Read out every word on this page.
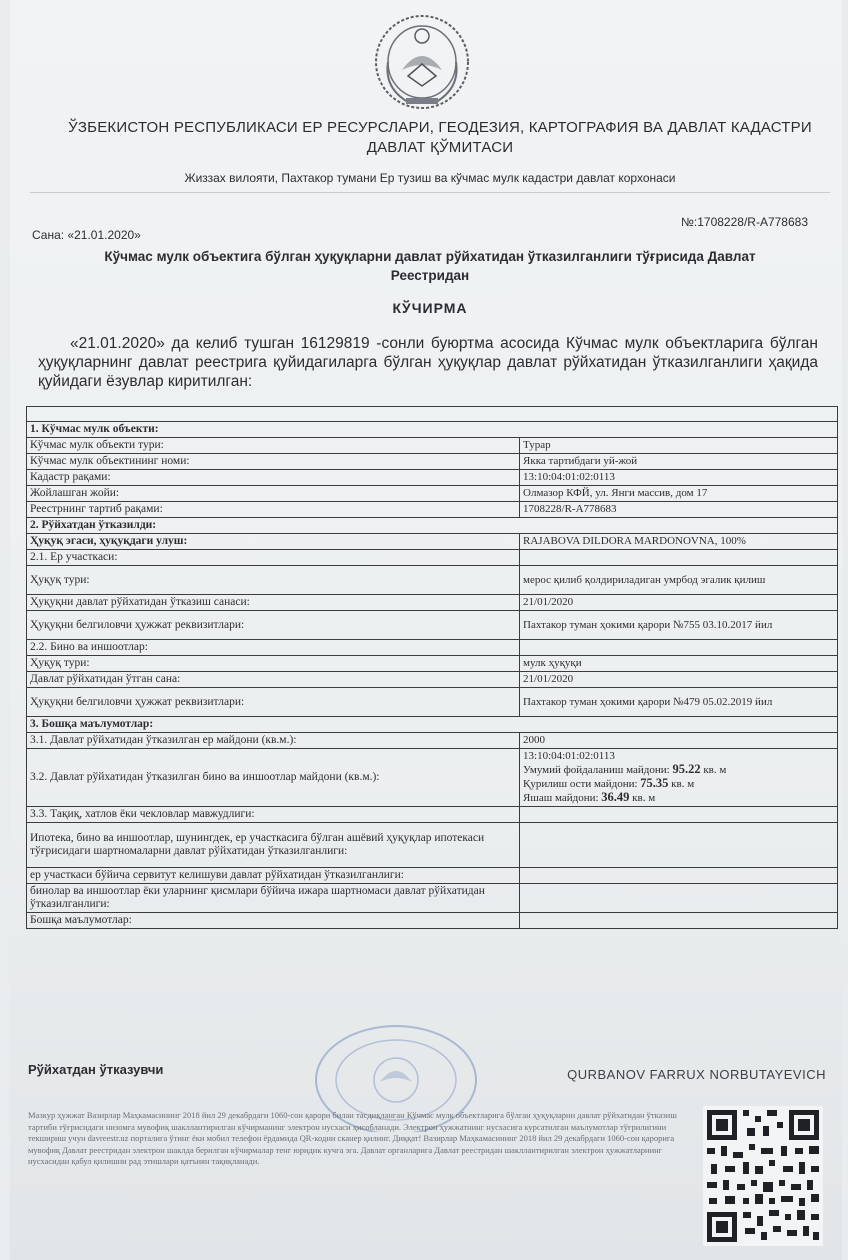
ЎЗБЕКИСТОН РЕСПУБЛИКАСИ ЕР РЕСУРСЛАРИ, ГЕОДЕЗИЯ, КАРТОГРАФИЯ ВА ДАВЛАТ КАДАСТРИ ДАВЛАТ ҚЎМИТАСИ
Жиззах вилояти, Пахтакор тумани Ер тузиш ва кўчмас мулк кадастри давлат корхонаси
Сана: «21.01.2020»
№:1708228/R-А778683
Кўчмас мулк объектига бўлган ҳуқуқларни давлат рўйхатидан ўтказилганлиги тўғрисида Давлат Реестридан
КЎЧИРМА
«21.01.2020» да келиб тушган 16129819 -сонли буюртма асосида Кўчмас мулк объектларига бўлган ҳуқуқларнинг давлат реестрига қуйидагиларга бўлган ҳуқуқлар давлат рўйхатидан ўтказилганлиги ҳақида қуйидаги ёзувлар киритилган:

1. Кўчмас мулк объекти:	
Кўчмас мулк объекти тури:	Турар
Кўчмас мулк объектининг номи:	Якка тартибдаги уй-жой
Кадастр рақами:	13:10:04:01:02:0113
Жойлашган жойи:	Олмазор КФЙ, ул. Янги массив, дом 17
Реестрнинг тартиб рақами:	1708228/R-А778683
2. Рўйхатдан ўтказилди:	
Ҳуқуқ эгаси, ҳуқуқдаги улуш:	RAJABOVA DILDORA MARDONOVNA, 100%
2.1. Ер участкаси:	
Ҳуқуқ тури:	мерос қилиб қолдириладиган умрбод эгалик қилиш
Ҳуқуқни давлат рўйхатидан ўтказиш санаси:	21/01/2020
Ҳуқуқни белгиловчи ҳужжат реквизитлари:	Пахтакор туман ҳокими қарори №755 03.10.2017 йил
2.2. Бино ва иншоотлар:	
Ҳуқуқ тури:	мулк ҳуқуқи
Давлат рўйхатидан ўтган сана:	21/01/2020
Ҳуқуқни белгиловчи ҳужжат реквизитлари:	Пахтакор туман ҳокими қарори №479 05.02.2019 йил
3. Бошқа маълумотлар:	
3.1. Давлат рўйхатидан ўтказилган ер майдони (кв.м.):	2000
3.2. Давлат рўйхатидан ўтказилган бино ва иншоотлар майдони (кв.м.):	13:10:04:01:02:0113
Умумий фойдаланиш майдони: 95.22 кв. м
Қурилиш ости майдони: 75.35 кв. м
Яшаш майдони: 36.49 кв. м

3.3. Тақиқ, хатлов ёки чекловлар мавжудлиги:	
Ипотека, бино ва иншоотлар, шунингдек, ер участкасига бўлган ашёвий ҳуқуқлар ипотекаси тўғрисидаги шартномаларни давлат рўйхатидан ўтказилганлиги:	
ер участкаси бўйича сервитут келишуви давлат рўйхатидан ўтказилганлиги:	
бинолар ва иншоотлар ёки уларнинг қисмлари бўйича ижара шартномаси давлат рўйхатидан ўтказилганлиги:	
Бошқа маълумотлар:	
Рўйхатдан ўтказувчи	QURBANOV FARRUX NORBUTAYEVICH
Мазкур ҳужжат Вазирлар Маҳкамасининг 2018 йил 29 декабрдаги 1060-сон қарори билан тасдиқланган Кўчмас мулк объектларига бўлган ҳуқуқларни давлат рўйхатидан ўтказиш тартиби тўғрисидаги низомга мувофиқ шакллантирилган кўчирманинг электрон нусхаси ҳисобланади. Электрон ҳужжатнинг нусхасига курсатилган маълумотлар тўғрилигини текшириш учун davreestr.uz порталига ўтинг ёки мобил телефон ёрдамида QR-кодни сканер қилинг. Диққат! Вазирлар Маҳкамасининг 2018 йил 29 декабрдаги 1060-сон қарорига мувофиқ Давлат реестридан электрон шаклда берилган кўчирмалар тенг юридик кучга эга. Давлат органларига Давлат реестридан шакллантирилган электрон ҳужжатларнинг нусхасидан қабул қилишни рад этишлари қатъиян тақиқланади.
